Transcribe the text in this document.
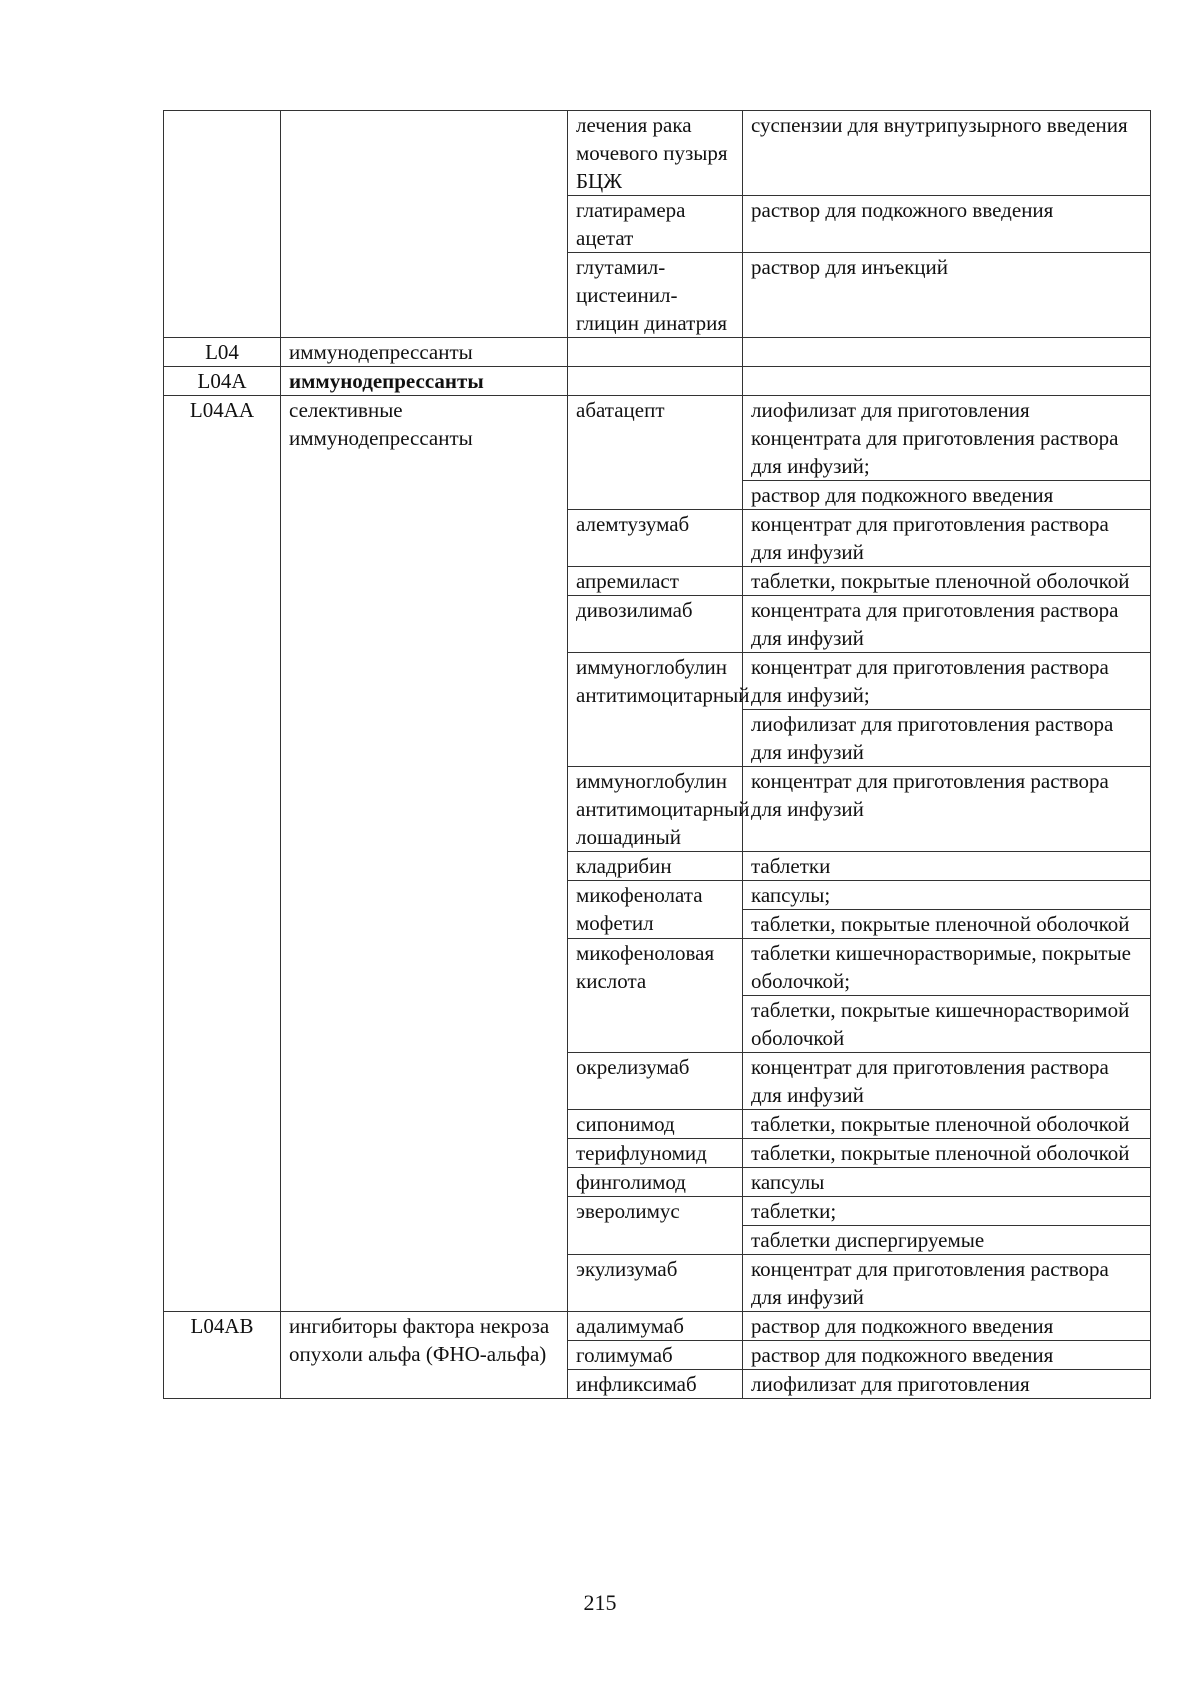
		лечения рака мочевого пузыря БЦЖ	суспензии для внутрипузырного введения

		глатирамера ацетат	раствор для подкожного введения

		глутамил-цистеинил-глицин динатрия	раствор для инъекций

L04	иммунодепрессанты		
L04A	иммунодепрессанты		
L04AA	селективные иммунодепрессанты	абатацепт	лиофилизат для приготовления концентрата для приготовления раствора для инфузий;
раствор для подкожного введения

		алемтузумаб	концентрат для приготовления раствора для инфузий

		апремиласт	таблетки, покрытые пленочной оболочкой

		дивозилимаб	концентрата для приготовления раствора для инфузий

		иммуноглобулин антитимоцитарный	концентрат для приготовления раствора для инфузий;
лиофилизат для приготовления раствора для инфузий

		иммуноглобулин антитимоцитарный лошадиный	концентрат для приготовления раствора для инфузий

		кладрибин	таблетки

		микофенолата мофетил	капсулы;
таблетки, покрытые пленочной оболочкой

		микофеноловая кислота	таблетки кишечнорастворимые, покрытые оболочкой;
таблетки, покрытые кишечнорастворимой оболочкой

		окрелизумаб	концентрат для приготовления раствора для инфузий

		сипонимод	таблетки, покрытые пленочной оболочкой

		терифлуномид	таблетки, покрытые пленочной оболочкой

		финголимод	капсулы

		эверолимус	таблетки;
таблетки диспергируемые

		экулизумаб	концентрат для приготовления раствора для инфузий

L04AB	ингибиторы фактора некроза опухоли альфа (ФНО-альфа)	адалимумаб	раствор для подкожного введения

		голимумаб	раствор для подкожного введения

		инфликсимаб	лиофилизат для приготовления
215
